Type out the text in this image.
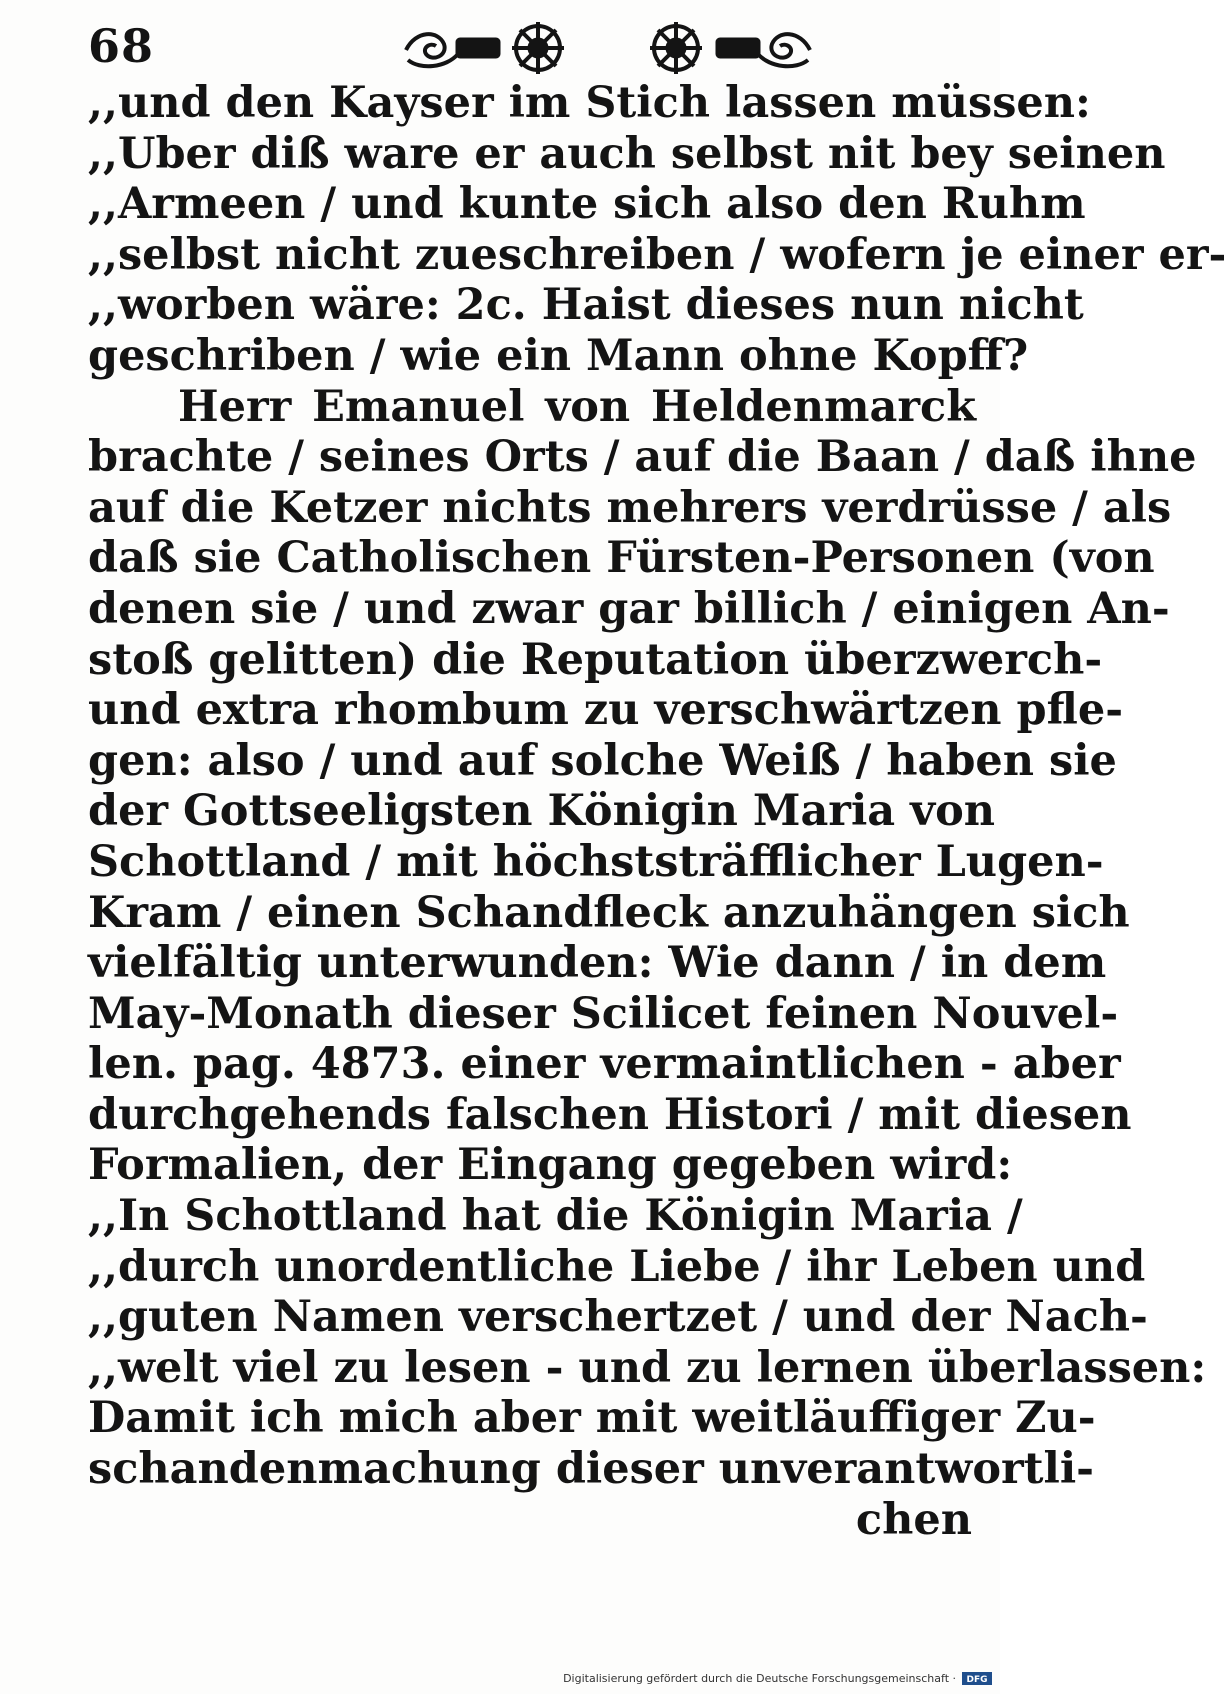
68
,,und den Kayser im Stich lassen müssen:
,,Uber diß ware er auch selbst nit bey seinen
,,Armeen / und kunte sich also den Ruhm
,,selbst nicht zueschreiben / wofern je einer er-
,,worben wäre: 2c. Haist dieses nun nicht
geschriben / wie ein Mann ohne Kopff?
Herr Emanuel von Heldenmarck
brachte / seines Orts / auf die Baan / daß ihne
auf die Ketzer nichts mehrers verdrüsse / als
daß sie Catholischen Fürsten-Personen (von
denen sie / und zwar gar billich / einigen An-
stoß gelitten) die Reputation überzwerch-
und extra rhombum zu verschwärtzen pfle-
gen: also / und auf solche Weiß / haben sie
der Gottseeligsten Königin Maria von
Schottland / mit höchststräfflicher Lugen-
Kram / einen Schandfleck anzuhängen sich
vielfältig unterwunden: Wie dann / in dem
May-Monath dieser Scilicet feinen Nouvel-
len. pag. 4873. einer vermaintlichen - aber
durchgehends falschen Histori / mit diesen
Formalien, der Eingang gegeben wird:
,,In Schottland hat die Königin Maria /
,,durch unordentliche Liebe / ihr Leben und
,,guten Namen verschertzet / und der Nach-
,,welt viel zu lesen - und zu lernen überlassen:
Damit ich mich aber mit weitläuffiger Zu-
schandenmachung dieser unverantwortli-
chen
Digitalisierung gefördert durch die Deutsche Forschungsgemeinschaft · DFG
